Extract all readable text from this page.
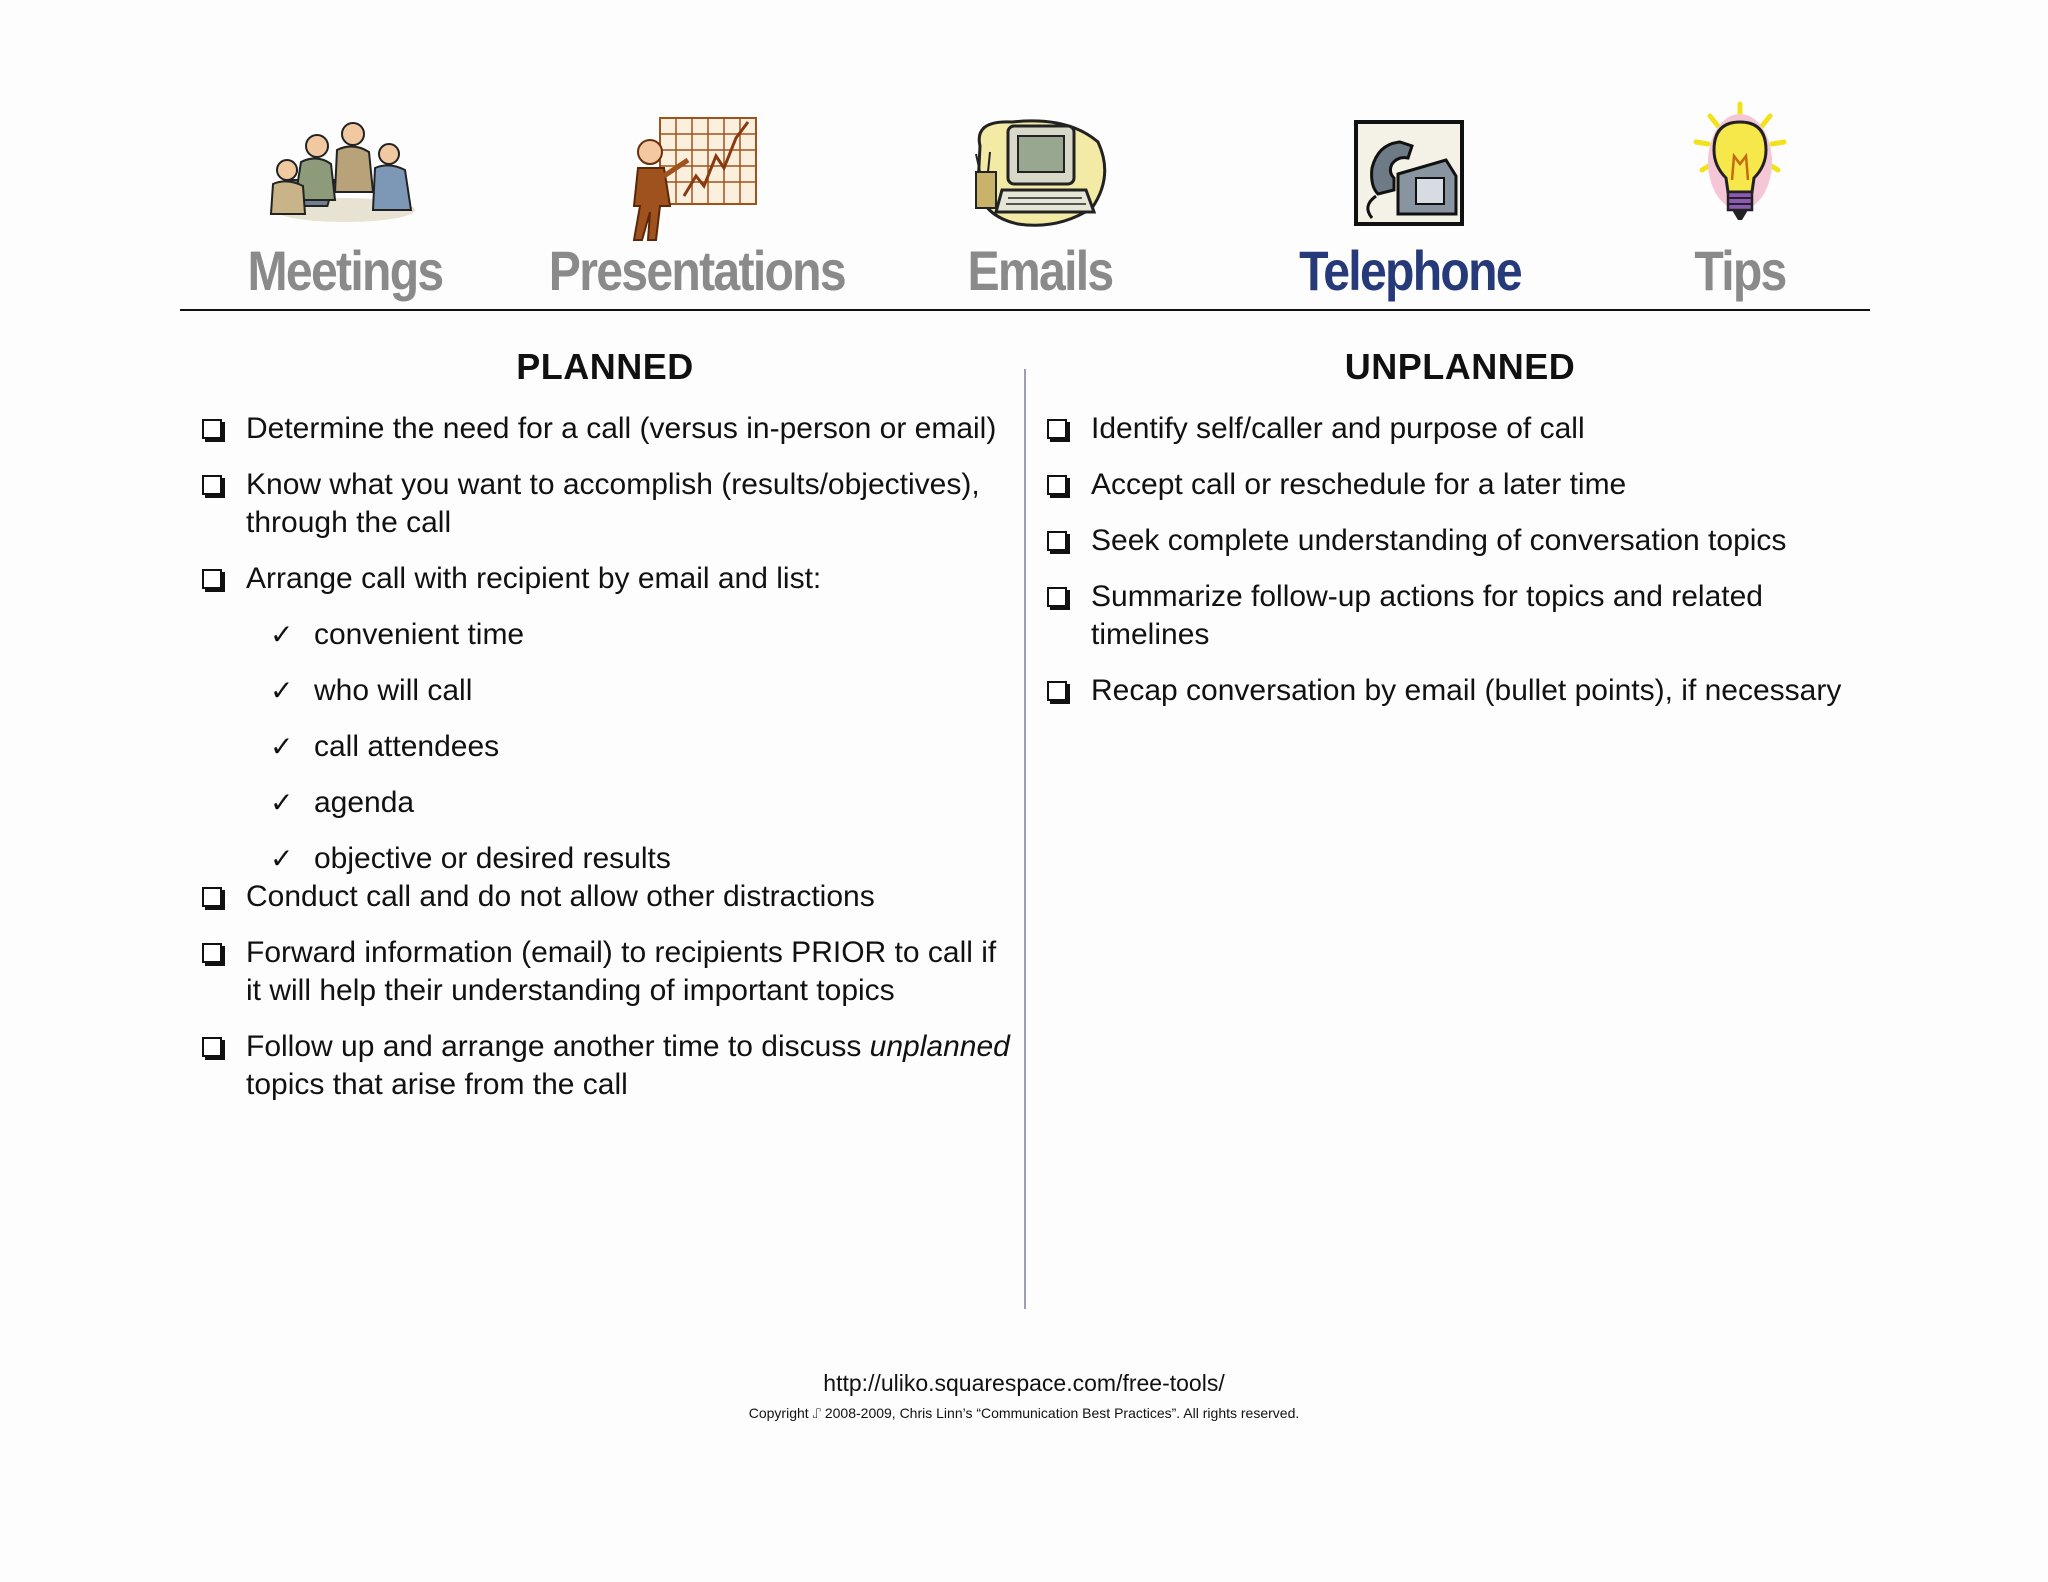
Meetings	Presentations	Emails	Telephone	Tips
PLANNED
Determine the need for a call (versus in-person or email)
Know what you want to accomplish (results/objectives), through the call
Arrange call with recipient by email and list:
✓ convenient time
✓ who will call
✓ call attendees
✓ agenda
✓ objective or desired results
Conduct call and do not allow other distractions
Forward information (email) to recipients PRIOR to call if it will help their understanding of important topics
Follow up and arrange another time to discuss unplanned topics that arise from the call
UNPLANNED
Identify self/caller and purpose of call
Accept call or reschedule for a later time
Seek complete understanding of conversation topics
Summarize follow-up actions for topics and related timelines
Recap conversation by email (bullet points), if necessary
http://uliko.squarespace.com/free-tools/
Copyright ⑀ 2008-2009, Chris Linn’s “Communication Best Practices”. All rights reserved.
